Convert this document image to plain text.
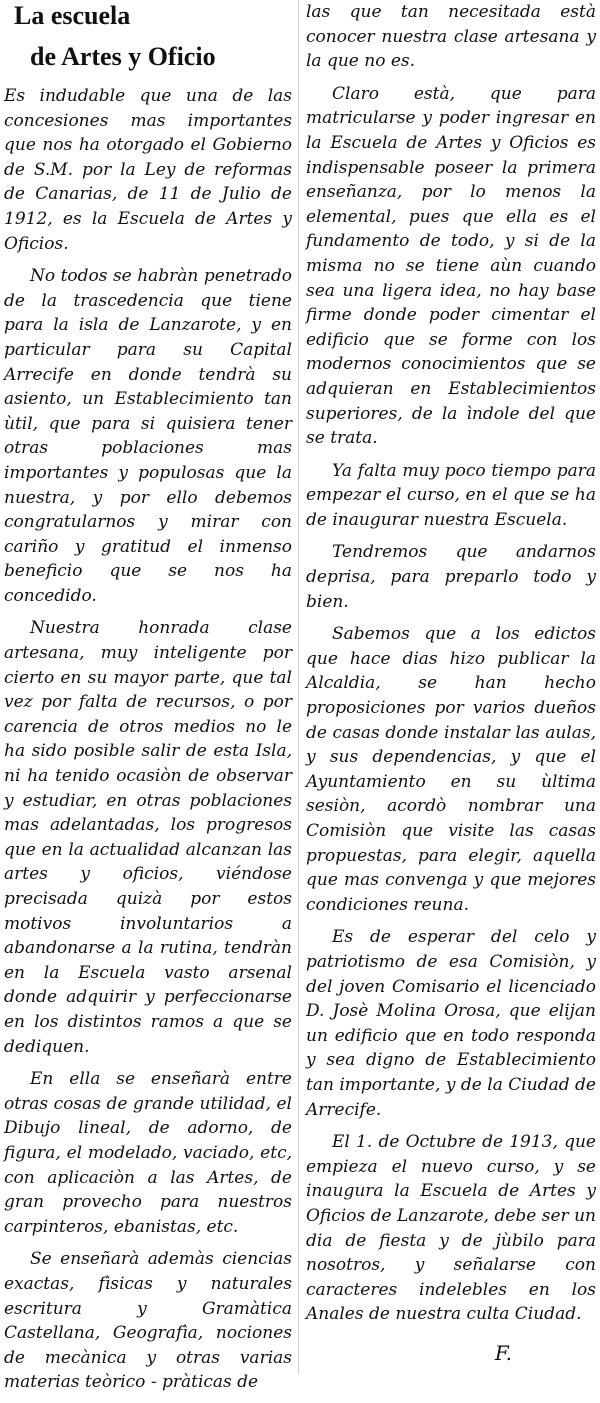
La escuela
de Artes y Oficio

Es indudable que una de las concesiones mas importantes que nos ha otorgado el Gobierno de S.M. por la Ley de reformas de Canarias, de 11 de Julio de 1912, es la Escuela de Artes y Oficios.

No todos se habràn penetrado de la trascedencia que tiene para la isla de Lanzarote, y en particular para su Capital Arrecife en donde tendrà su asiento, un Establecimiento tan ùtil, que para si quisiera tener otras poblaciones mas importantes y populosas que la nuestra, y por ello debemos congratularnos y mirar con cariño y gratitud el inmenso beneficio que se nos ha concedido.

Nuestra honrada clase artesana, muy inteligente por cierto en su mayor parte, que tal vez por falta de recursos, o por carencia de otros medios no le ha sido posible salir de esta Isla, ni ha tenido ocasiòn de observar y estudiar, en otras poblaciones mas adelantadas, los progresos que en la actualidad alcanzan las artes y oficios, viéndose precisada quizà por estos motivos involuntarios a abandonarse a la rutina, tendràn en la Escuela vasto arsenal donde adquirir y perfeccionarse en los distintos ramos a que se dediquen.

En ella se enseñarà entre otras cosas de grande utilidad, el Dibujo lineal, de adorno, de figura, el modelado, vaciado, etc, con aplicaciòn a las Artes, de gran provecho para nuestros carpinteros, ebanistas, etc.

Se enseñarà ademàs ciencias exactas, fìsicas y naturales escritura y Gramàtica Castellana, Geografìa, nociones de mecànica y otras varias materias teòrico - pràticas de

las que tan necesitada està conocer nuestra clase artesana y la que no es.

Claro està, que para matricularse y poder ingresar en la Escuela de Artes y Oficios es indispensable poseer la primera enseñanza, por lo menos la elemental, pues que ella es el fundamento de todo, y si de la misma no se tiene aùn cuando sea una ligera idea, no hay base firme donde poder cimentar el edificio que se forme con los modernos conocimientos que se adquieran en Establecimientos superiores, de la ìndole del que se trata.

Ya falta muy poco tiempo para empezar el curso, en el que se ha de inaugurar nuestra Escuela.

Tendremos que andarnos deprisa, para preparlo todo y bien.

Sabemos que a los edictos que hace dias hizo publicar la Alcaldia, se han hecho proposiciones por varios dueños de casas donde instalar las aulas, y sus dependencias, y que el Ayuntamiento en su ùltima sesiòn, acordò nombrar una Comisiòn que visite las casas propuestas, para elegir, aquella que mas convenga y que mejores condiciones reuna.

Es de esperar del celo y patriotismo de esa Comisiòn, y del joven Comisario el licenciado D. Josè Molina Orosa, que elijan un edificio que en todo responda y sea digno de Establecimiento tan importante, y de la Ciudad de Arrecife.

El 1. de Octubre de 1913, que empieza el nuevo curso, y se inaugura la Escuela de Artes y Oficios de Lanzarote, debe ser un dia de fiesta y de jùbilo para nosotros, y señalarse con caracteres indelebles en los Anales de nuestra culta Ciudad.

F.
